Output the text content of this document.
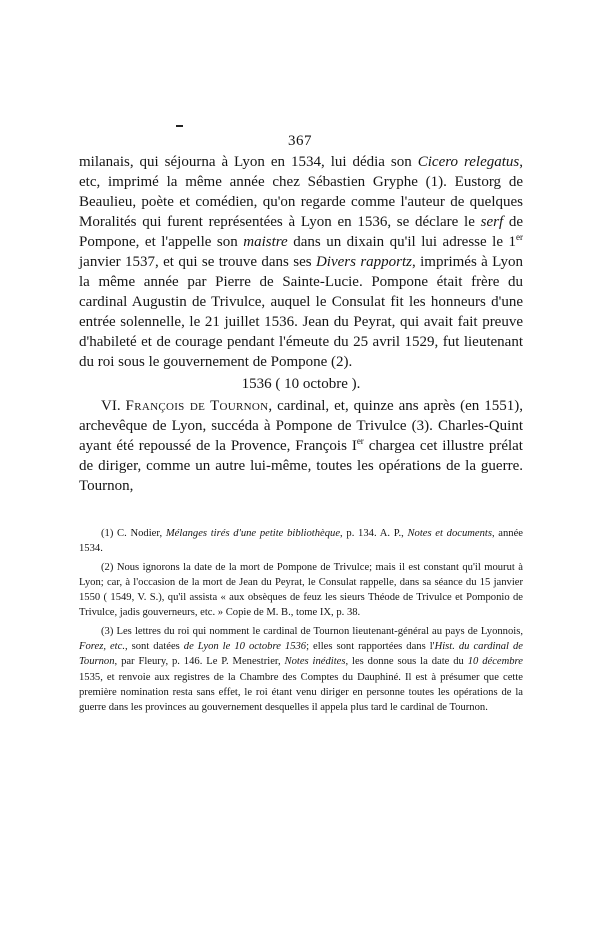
367

milanais, qui séjourna à Lyon en 1534, lui dédia son Cicero relegatus, etc, imprimé la même année chez Sébastien Gryphe (1). Eustorg de Beaulieu, poète et comédien, qu'on regarde comme l'auteur de quelques Moralités qui furent représentées à Lyon en 1536, se déclare le serf de Pompone, et l'appelle son maistre dans un dixain qu'il lui adresse le 1er janvier 1537, et qui se trouve dans ses Divers rapportz, imprimés à Lyon la même année par Pierre de Sainte-Lucie. Pompone était frère du cardinal Augustin de Trivulce, auquel le Consulat fit les honneurs d'une entrée solennelle, le 21 juillet 1536. Jean du Peyrat, qui avait fait preuve d'habileté et de courage pendant l'émeute du 25 avril 1529, fut lieutenant du roi sous le gouvernement de Pompone (2).

1536 ( 10 octobre ).

VI. François de Tournon, cardinal, et, quinze ans après (en 1551), archevêque de Lyon, succéda à Pompone de Trivulce (3). Charles-Quint ayant été repoussé de la Provence, François Ier chargea cet illustre prélat de diriger, comme un autre lui-même, toutes les opérations de la guerre. Tournon,

(1) C. Nodier, Mélanges tirés d'une petite bibliothèque, p. 134. A. P., Notes et documents, année 1534.

(2) Nous ignorons la date de la mort de Pompone de Trivulce; mais il est constant qu'il mourut à Lyon; car, à l'occasion de la mort de Jean du Peyrat, le Consulat rappelle, dans sa séance du 15 janvier 1550 ( 1549, V. S.), qu'il assista « aux obsèques de feuz les sieurs Théode de Trivulce et Pomponio de Trivulce, jadis gouverneurs, etc. » Copie de M. B., tome IX, p. 38.

(3) Les lettres du roi qui nomment le cardinal de Tournon lieutenant-général au pays de Lyonnois, Forez, etc., sont datées de Lyon le 10 octobre 1536; elles sont rapportées dans l'Hist. du cardinal de Tournon, par Fleury, p. 146. Le P. Menestrier, Notes inédites, les donne sous la date du 10 décembre 1535, et renvoie aux registres de la Chambre des Comptes du Dauphiné. Il est à présumer que cette première nomination resta sans effet, le roi étant venu diriger en personne toutes les opérations de la guerre dans les provinces au gouvernement desquelles il appela plus tard le cardinal de Tournon.
